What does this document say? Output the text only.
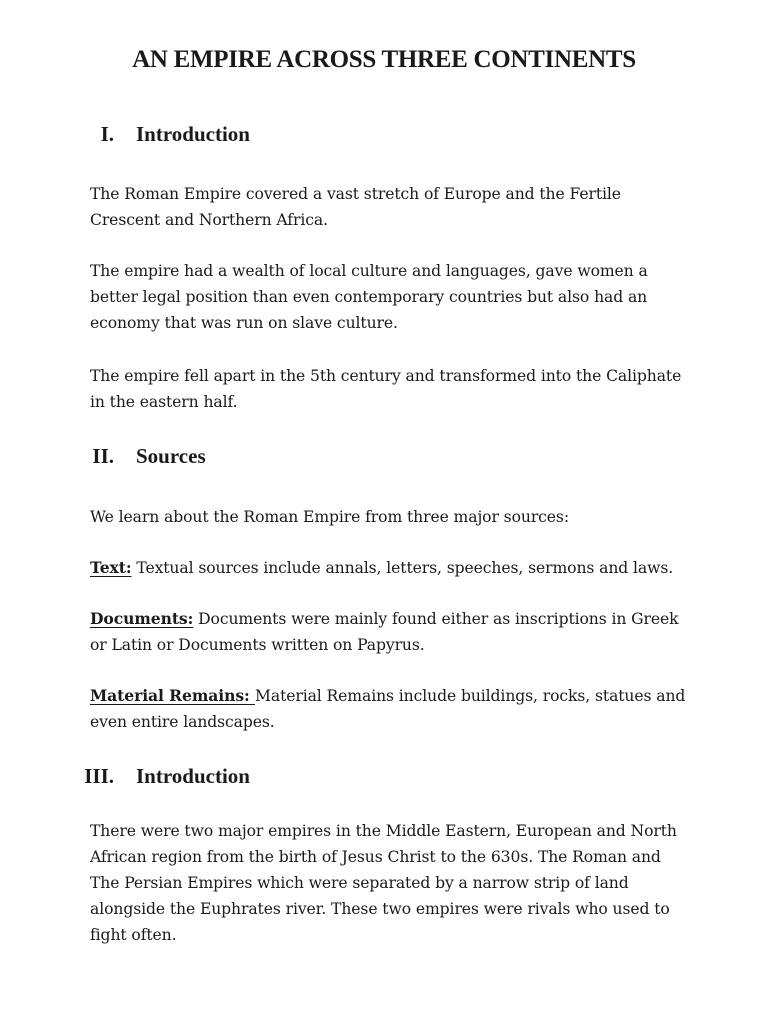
AN EMPIRE ACROSS THREE CONTINENTS
I. Introduction

The Roman Empire covered a vast stretch of Europe and the Fertile Crescent and Northern Africa.

The empire had a wealth of local culture and languages, gave women a better legal position than even contemporary countries but also had an economy that was run on slave culture.

The empire fell apart in the 5th century and transformed into the Caliphate in the eastern half.

II. Sources

We learn about the Roman Empire from three major sources:

Text: Textual sources include annals, letters, speeches, sermons and laws.

Documents: Documents were mainly found either as inscriptions in Greek or Latin or Documents written on Papyrus.

Material Remains: Material Remains include buildings, rocks, statues and even entire landscapes.

III. Introduction

There were two major empires in the Middle Eastern, European and North African region from the birth of Jesus Christ to the 630s. The Roman and The Persian Empires which were separated by a narrow strip of land alongside the Euphrates river. These two empires were rivals who used to fight often.
